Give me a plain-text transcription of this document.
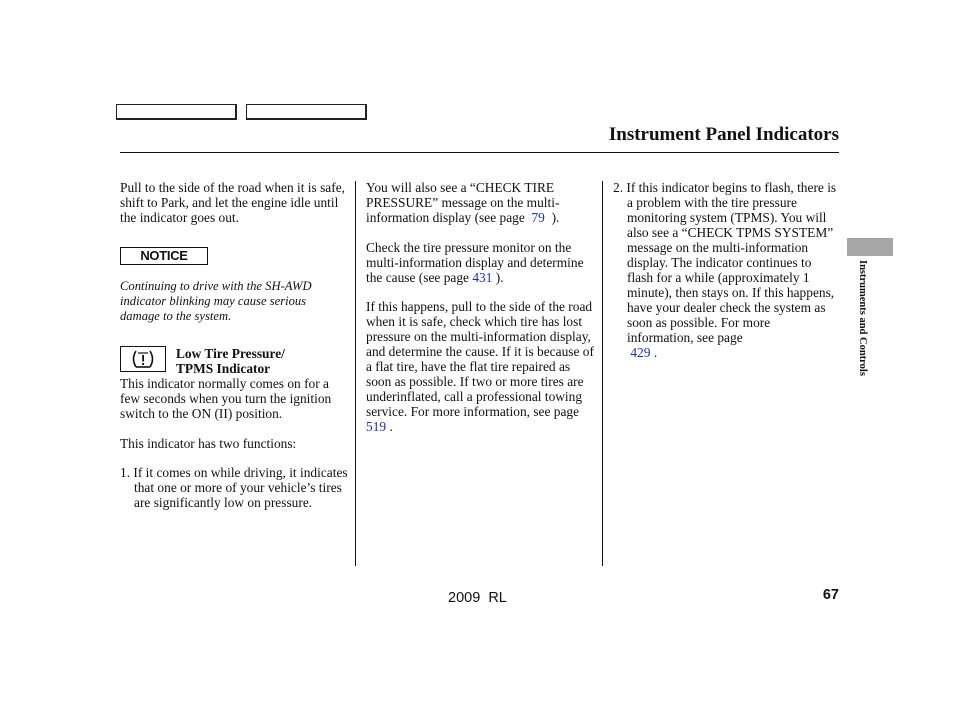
Instrument Panel Indicators

Pull to the side of the road when it is safe, shift to Park, and let the engine idle until the indicator goes out.

NOTICE

Continuing to drive with the SH-AWD indicator blinking may cause serious damage to the system.

Low Tire Pressure/
TPMS Indicator

This indicator normally comes on for a few seconds when you turn the ignition switch to the ON (II) position.

This indicator has two functions:

1. If it comes on while driving, it indicates that one or more of your vehicle’s tires are significantly low on pressure.

You will also see a “CHECK TIRE PRESSURE” message on the multi-information display (see page 79 ).

Check the tire pressure monitor on the multi-information display and determine the cause (see page 431 ).

If this happens, pull to the side of the road when it is safe, check which tire has lost pressure on the multi-information display, and determine the cause. If it is because of a flat tire, have the flat tire repaired as soon as possible. If two or more tires are underinflated, call a professional towing service. For more information, see page 519 .

2. If this indicator begins to flash, there is a problem with the tire pressure monitoring system (TPMS). You will also see a “CHECK TPMS SYSTEM” message on the multi-information display. The indicator continues to flash for a while (approximately 1 minute), then stays on. If this happens, have your dealer check the system as soon as possible. For more information, see page
429 .	Instruments and Controls
2009  RL	67
